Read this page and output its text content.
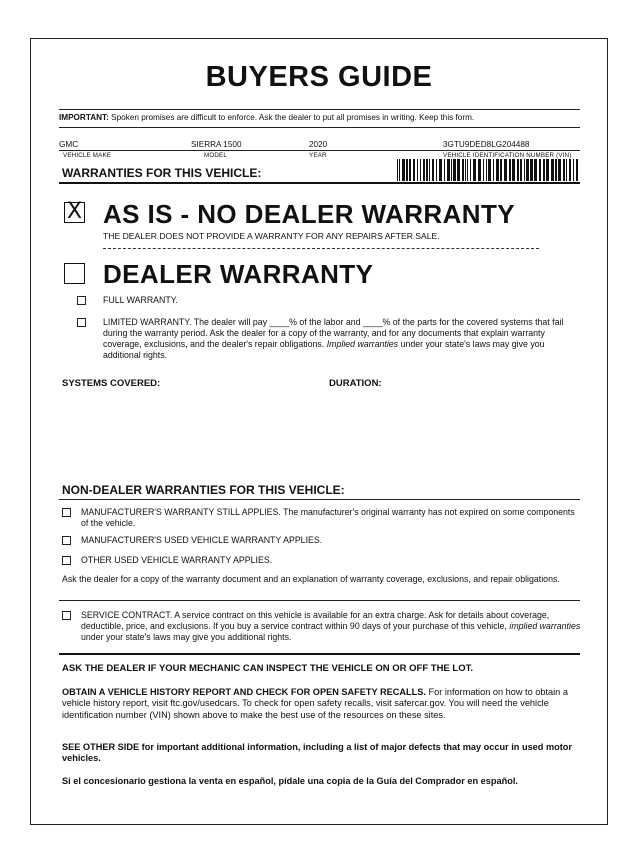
BUYERS GUIDE
IMPORTANT: Spoken promises are difficult to enforce. Ask the dealer to put all promises in writing. Keep this form.
GMC	SIERRA 1500	2020	3GTU9DED8LG204488
VEHICLE MAKE	MODEL	YEAR	VEHICLE IDENTIFICATION NUMBER (VIN)
WARRANTIES FOR THIS VEHICLE:
X AS IS - NO DEALER WARRANTY
THE DEALER DOES NOT PROVIDE A WARRANTY FOR ANY REPAIRS AFTER SALE.
DEALER WARRANTY
FULL WARRANTY.
LIMITED WARRANTY. The dealer will pay ____% of the labor and ____% of the parts for the covered systems that fail during the warranty period. Ask the dealer for a copy of the warranty, and for any documents that explain warranty coverage, exclusions, and the dealer's repair obligations. Implied warranties under your state's laws may give you additional rights.
SYSTEMS COVERED:	DURATION:
NON-DEALER WARRANTIES FOR THIS VEHICLE:
MANUFACTURER'S WARRANTY STILL APPLIES. The manufacturer's original warranty has not expired on some components of the vehicle.
MANUFACTURER'S USED VEHICLE WARRANTY APPLIES.
OTHER USED VEHICLE WARRANTY APPLIES.
Ask the dealer for a copy of the warranty document and an explanation of warranty coverage, exclusions, and repair obligations.
SERVICE CONTRACT. A service contract on this vehicle is available for an extra charge. Ask for details about coverage, deductible, price, and exclusions. If you buy a service contract within 90 days of your purchase of this vehicle, implied warranties under your state's laws may give you additional rights.
ASK THE DEALER IF YOUR MECHANIC CAN INSPECT THE VEHICLE ON OR OFF THE LOT.
OBTAIN A VEHICLE HISTORY REPORT AND CHECK FOR OPEN SAFETY RECALLS. For information on how to obtain a vehicle history report, visit ftc.gov/usedcars. To check for open safety recalls, visit safercar.gov. You will need the vehicle identification number (VIN) shown above to make the best use of the resources on these sites.
SEE OTHER SIDE for important additional information, including a list of major defects that may occur in used motor vehicles.
Si el concesionario gestiona la venta en español, pídale una copia de la Guía del Comprador en español.
